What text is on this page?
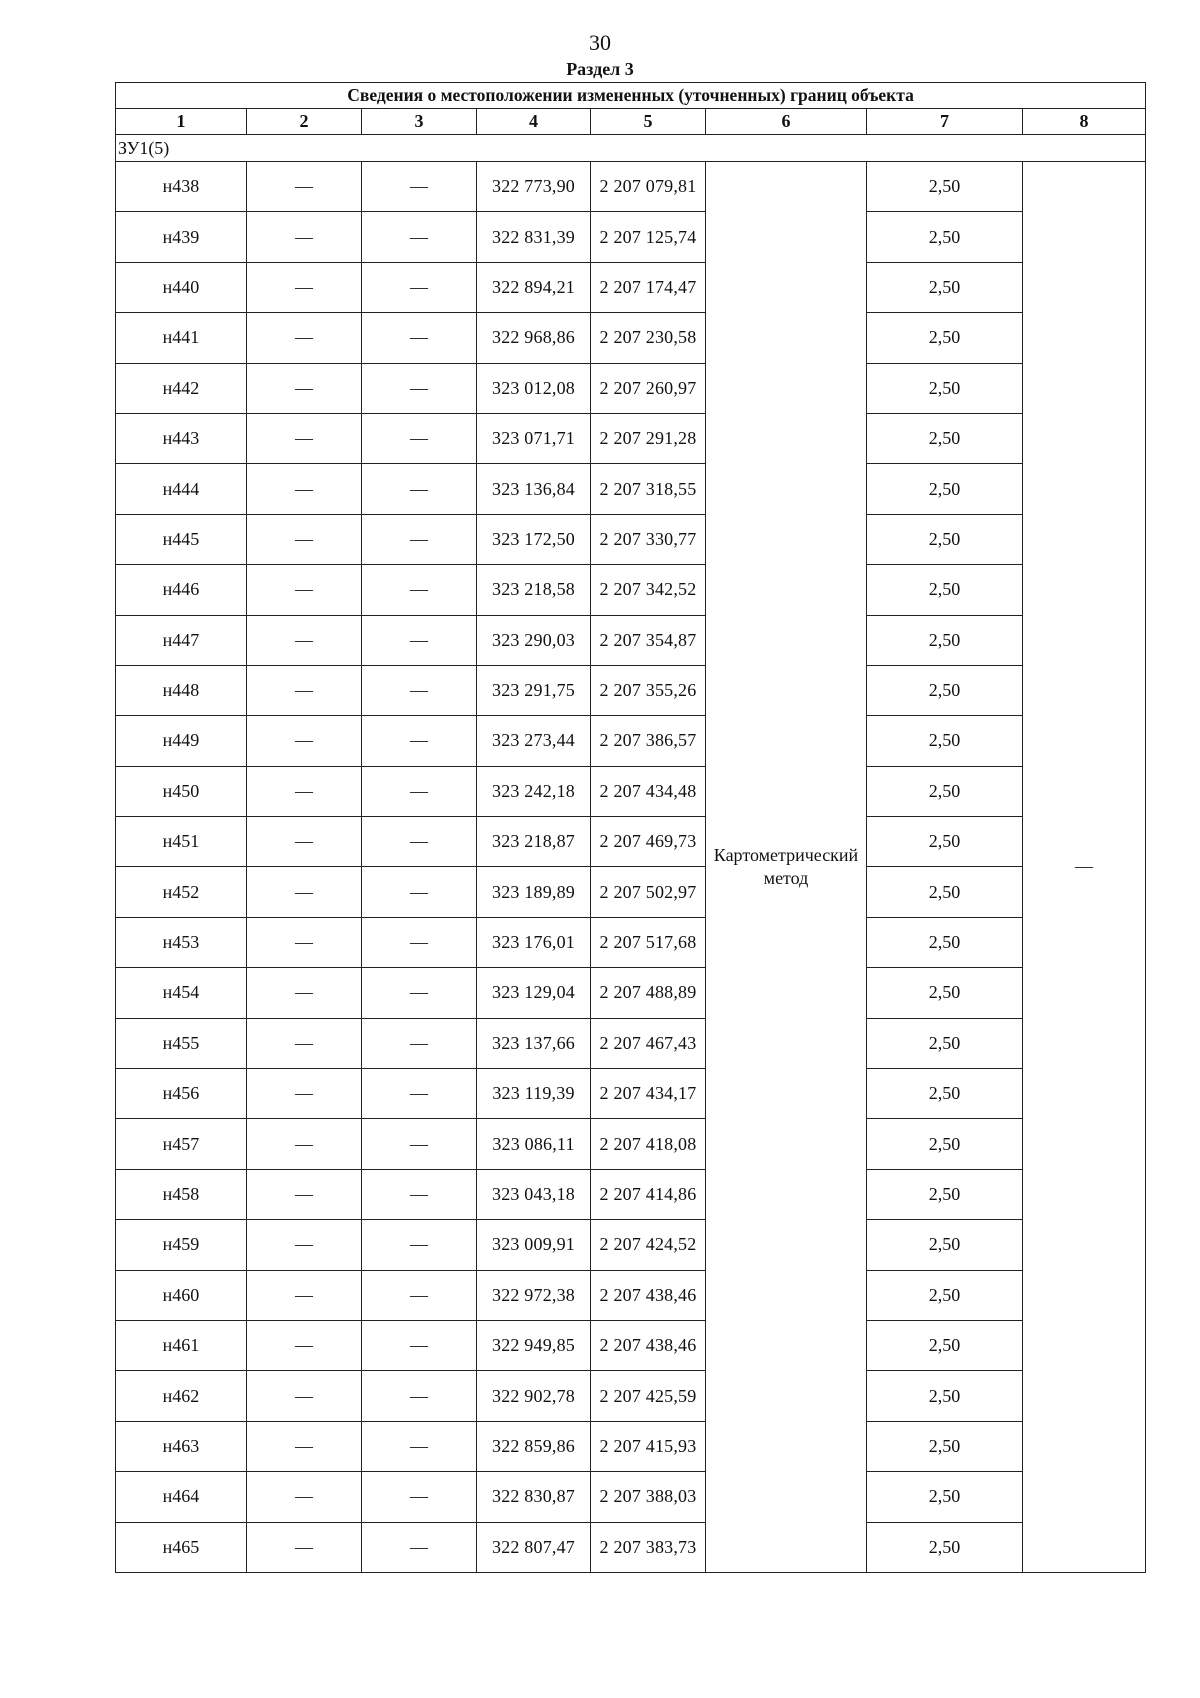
30
Раздел 3
Сведения о местоположении измененных (уточненных) границ объекта							
1	2	3	4	5	6	7	8
ЗУ1(5)							
н438	—	—	322 773,90	2 207 079,81	Картометрический метод	2,50	—
н439	—	—	322 831,39	2 207 125,74		2,50	
н440	—	—	322 894,21	2 207 174,47		2,50	
н441	—	—	322 968,86	2 207 230,58		2,50	
н442	—	—	323 012,08	2 207 260,97		2,50	
н443	—	—	323 071,71	2 207 291,28		2,50	
н444	—	—	323 136,84	2 207 318,55		2,50	
н445	—	—	323 172,50	2 207 330,77		2,50	
н446	—	—	323 218,58	2 207 342,52		2,50	
н447	—	—	323 290,03	2 207 354,87		2,50	
н448	—	—	323 291,75	2 207 355,26		2,50	
н449	—	—	323 273,44	2 207 386,57		2,50	
н450	—	—	323 242,18	2 207 434,48		2,50	
н451	—	—	323 218,87	2 207 469,73		2,50	
н452	—	—	323 189,89	2 207 502,97		2,50	
н453	—	—	323 176,01	2 207 517,68		2,50	
н454	—	—	323 129,04	2 207 488,89		2,50	
н455	—	—	323 137,66	2 207 467,43		2,50	
н456	—	—	323 119,39	2 207 434,17		2,50	
н457	—	—	323 086,11	2 207 418,08		2,50	
н458	—	—	323 043,18	2 207 414,86		2,50	
н459	—	—	323 009,91	2 207 424,52		2,50	
н460	—	—	322 972,38	2 207 438,46		2,50	
н461	—	—	322 949,85	2 207 438,46		2,50	
н462	—	—	322 902,78	2 207 425,59		2,50	
н463	—	—	322 859,86	2 207 415,93		2,50	
н464	—	—	322 830,87	2 207 388,03		2,50	
н465	—	—	322 807,47	2 207 383,73		2,50	
